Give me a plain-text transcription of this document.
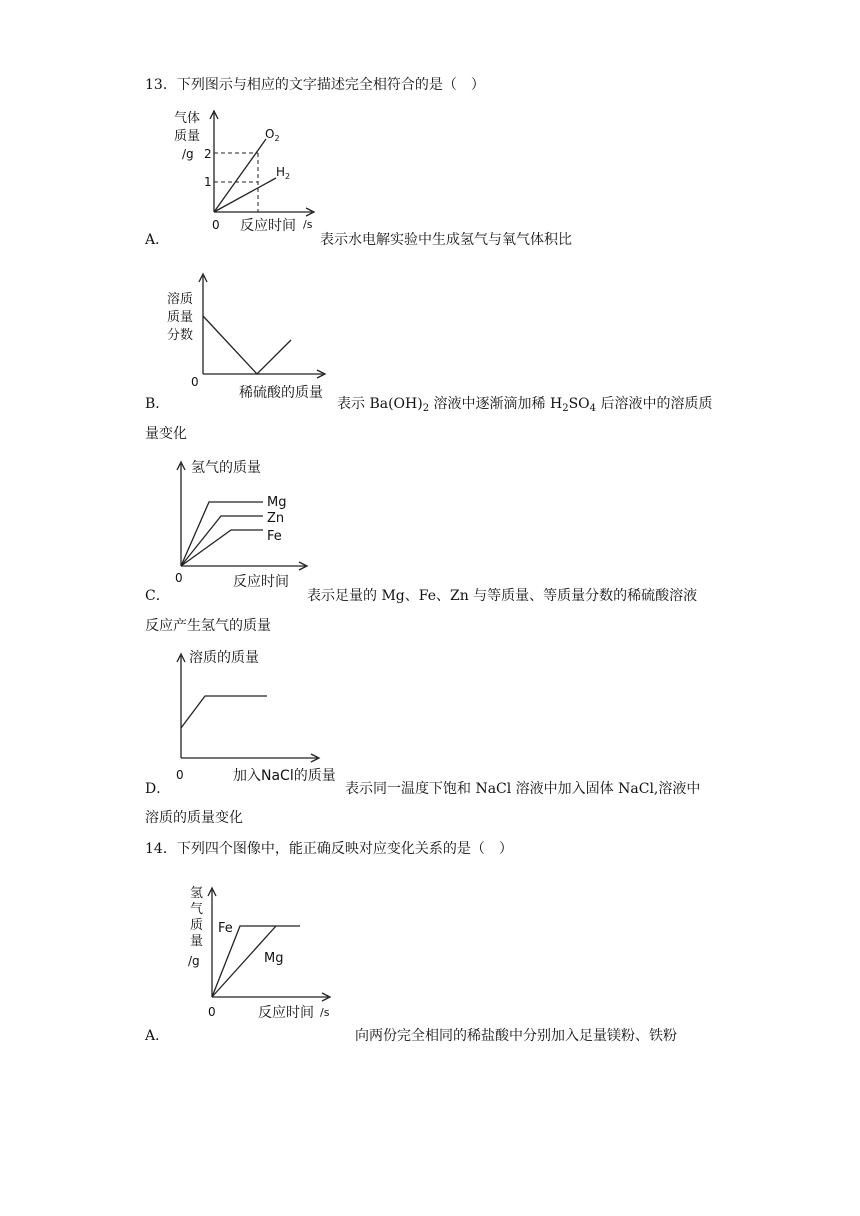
13．下列图示与相应的文字描述完全相符合的是（　）
气体
质量
/g 2
1
0 反应时间 /s
$O_2$
$H_2$
A．	表示水电解实验中生成氢气与氧气体积比
溶质
质量
分数
0
稀硫酸的质量
B．	表示 $Ba(OH)_2$ 溶液中逐渐滴加稀 $H_2SO_4$ 后溶液中的溶质质
量变化
氢气的质量
Mg
Zn
Fe
0	反应时间
C．	表示足量的 Mg、Fe、Zn 与等质量、等质量分数的稀硫酸溶液
反应产生氢气的质量
溶质的质量
0	加入NaCl的质量
D．	表示同一温度下饱和 NaCl 溶液中加入固体 NaCl,溶液中
溶质的质量变化
14．下列四个图像中，能正确反映对应变化关系的是（　）
氢
气
质
量
/g
Fe
Mg
0	反应时间 /s
A．	向两份完全相同的稀盐酸中分别加入足量镁粉、铁粉
